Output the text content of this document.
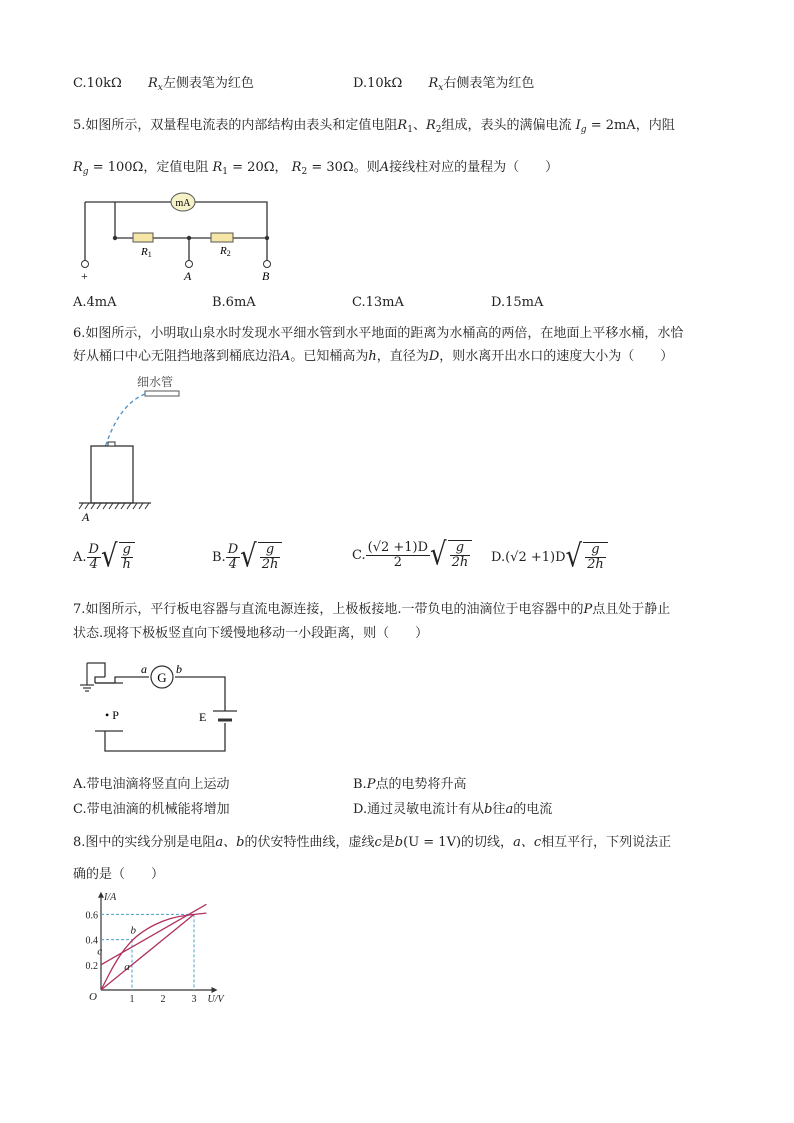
C.10kΩ $R_x$左侧表笔为红色	D.10kΩ $R_x$右侧表笔为红色
5.如图所示，双量程电流表的内部结构由表头和定值电阻$R_1$、$R_2$组成，表头的满偏电流 $I_g = 2mA$，内阻
$R_g = 100\Omega$，定值电阻 $R_1 = 20\Omega$， $R_2 = 30\Omega$。则A接线柱对应的量程为（　　）
mA
R1	R2
+	A	B
A.4mA	B.6mA	C.13mA	D.15mA
6.如图所示，小明取山泉水时发现水平细水管到水平地面的距离为水桶高的两倍，在地面上平移水桶，水恰
好从桶口中心无阻挡地落到桶底边沿A。已知桶高为h，直径为D，则水离开出水口的速度大小为（　　）
细水管
A
A. $\frac{D}{4}$ √ $\frac{g}{h}$	B. $\frac{D}{4}$ √ $\frac{g}{2h}$	C. $\frac{(√2 +1)D}{2}$ √ $\frac{g}{2h} D.(√2 +1)D√ \frac{g}{2h}$
7.如图所示，平行板电容器与直流电源连接，上极板接地.一带负电的油滴位于电容器中的P点且处于静止
状态.现将下极板竖直向下缓慢地移动一小段距离，则（　　）
G
a b
• P	E
A.带电油滴将竖直向上运动	B.P点的电势将升高
C.带电油滴的机械能将增加	D.通过灵敏电流计有从b往a的电流
8.图中的实线分别是电阻a、b的伏安特性曲线，虚线c是b(U = 1V)的切线，a、c相互平行，下列说法正
确的是（　　）
1	2	3
0.2
0.4
0.6
a
b
c
I/A
U/V
O
